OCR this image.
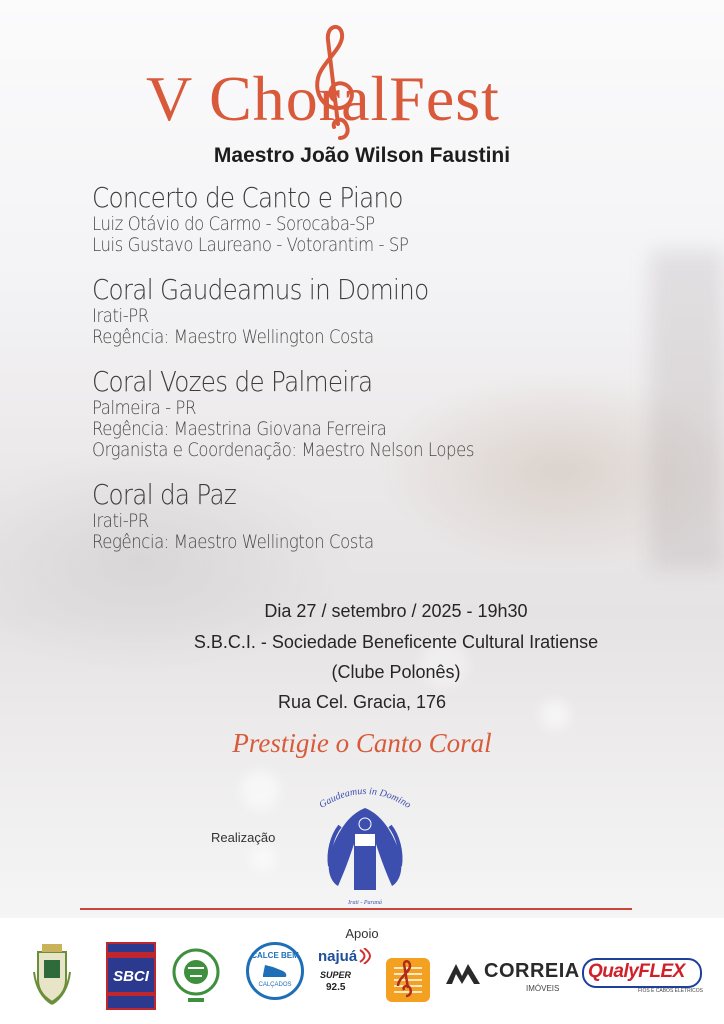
V ChoralFest
Maestro João Wilson Faustini
Concerto de Canto e Piano
Luiz Otávio do Carmo - Sorocaba-SP
Luis Gustavo Laureano - Votorantim - SP
Coral Gaudeamus in Domino
Irati-PR
Regência: Maestro Wellington Costa
Coral Vozes de Palmeira
Palmeira - PR
Regência: Maestrina Giovana Ferreira
Organista e Coordenação: Maestro Nelson Lopes
Coral da Paz
Irati-PR
Regência: Maestro Wellington Costa
Dia 27 / setembro / 2025 - 19h30
S.B.C.I. - Sociedade Beneficente Cultural Iratiense
(Clube Polonês)
Rua Cel. Gracia, 176
Prestigie o Canto Coral
Realização
Gaudeamus in Domino
Irati - Paraná
Apoio
SBCI
CALCE BEM
CALÇADOS
najuá
SUPER
92.5
CORREIA
IMÓVEIS
QualyFLEX
FIOS E CABOS ELÉTRICOS
